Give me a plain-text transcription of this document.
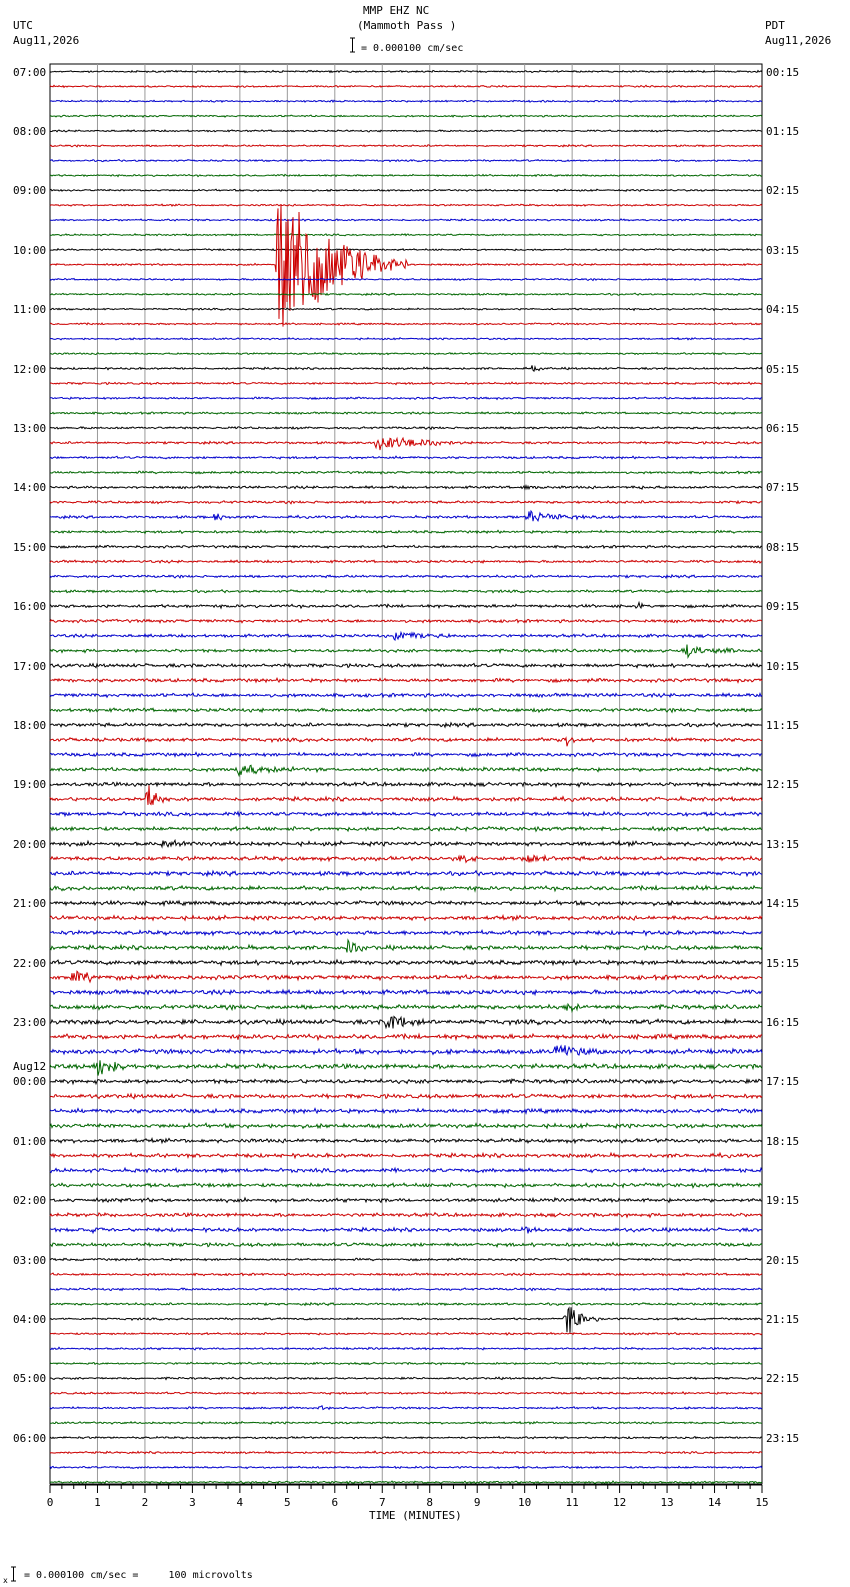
0	1	2	3	4	5	6	7	8	9	10	11	12	13	14	15
MMP EHZ NC
(Mammoth Pass )
= 0.000100 cm/sec
UTC
Aug11,2026
PDT
Aug11,2026
TIME (MINUTES)
x = 0.000100 cm/sec =     100 microvolts
07:00
08:00
09:00
10:00
11:00
12:00
13:00
14:00
15:00
16:00
17:00
18:00
19:00
20:00
21:00
22:00
23:00
00:00
01:00
02:00
03:00
04:00
05:00
06:00
00:15
01:15
02:15
03:15
04:15
05:15
06:15
07:15
08:15
09:15
10:15
11:15
12:15
13:15
14:15
15:15
16:15
17:15
18:15
19:15
20:15
21:15
22:15
23:15
Aug12
